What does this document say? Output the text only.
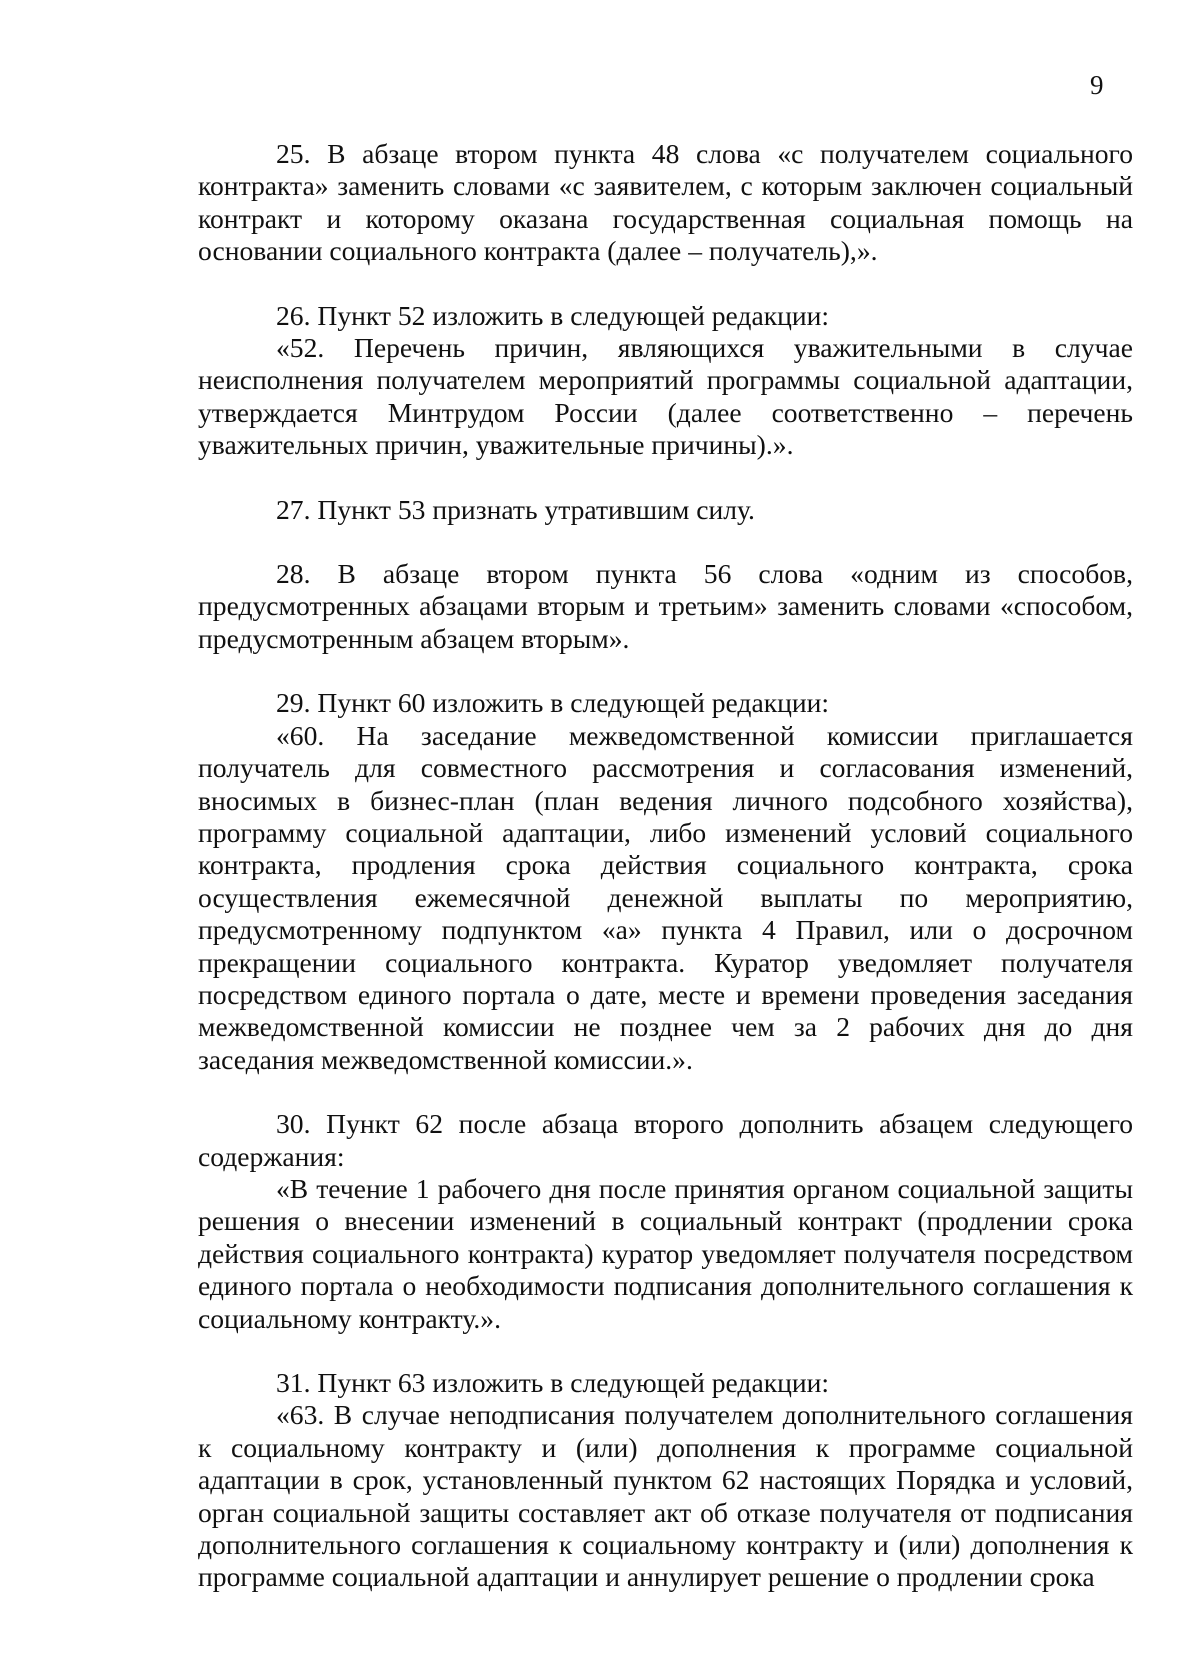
9

25. В абзаце втором пункта 48 слова «с получателем социального контракта» заменить словами «с заявителем, с которым заключен социальный контракт и которому оказана государственная социальная помощь на основании социального контракта (далее – получатель),».

26. Пункт 52 изложить в следующей редакции:

«52. Перечень причин, являющихся уважительными в случае неисполнения получателем мероприятий программы социальной адаптации, утверждается Минтрудом России (далее соответственно – перечень уважительных причин, уважительные причины).».

27. Пункт 53 признать утратившим силу.

28. В абзаце втором пункта 56 слова «одним из способов, предусмотренных абзацами вторым и третьим» заменить словами «способом, предусмотренным абзацем вторым».

29. Пункт 60 изложить в следующей редакции:

«60. На заседание межведомственной комиссии приглашается получатель для совместного рассмотрения и согласования изменений, вносимых в бизнес-план (план ведения личного подсобного хозяйства), программу социальной адаптации, либо изменений условий социального контракта, продления срока действия социального контракта, срока осуществления ежемесячной денежной выплаты по мероприятию, предусмотренному подпунктом «а» пункта 4 Правил, или о досрочном прекращении социального контракта. Куратор уведомляет получателя посредством единого портала о дате, месте и времени проведения заседания межведомственной комиссии не позднее чем за 2 рабочих дня до дня заседания межведомственной комиссии.».

30. Пункт 62 после абзаца второго дополнить абзацем следующего содержания:

«В течение 1 рабочего дня после принятия органом социальной защиты решения о внесении изменений в социальный контракт (продлении срока действия социального контракта) куратор уведомляет получателя посредством единого портала о необходимости подписания дополнительного соглашения к социальному контракту.».

31. Пункт 63 изложить в следующей редакции:

«63. В случае неподписания получателем дополнительного соглашения к социальному контракту и (или) дополнения к программе социальной адаптации в срок, установленный пунктом 62 настоящих Порядка и условий, орган социальной защиты составляет акт об отказе получателя от подписания дополнительного соглашения к социальному контракту и (или) дополнения к программе социальной адаптации и аннулирует решение о продлении срока
